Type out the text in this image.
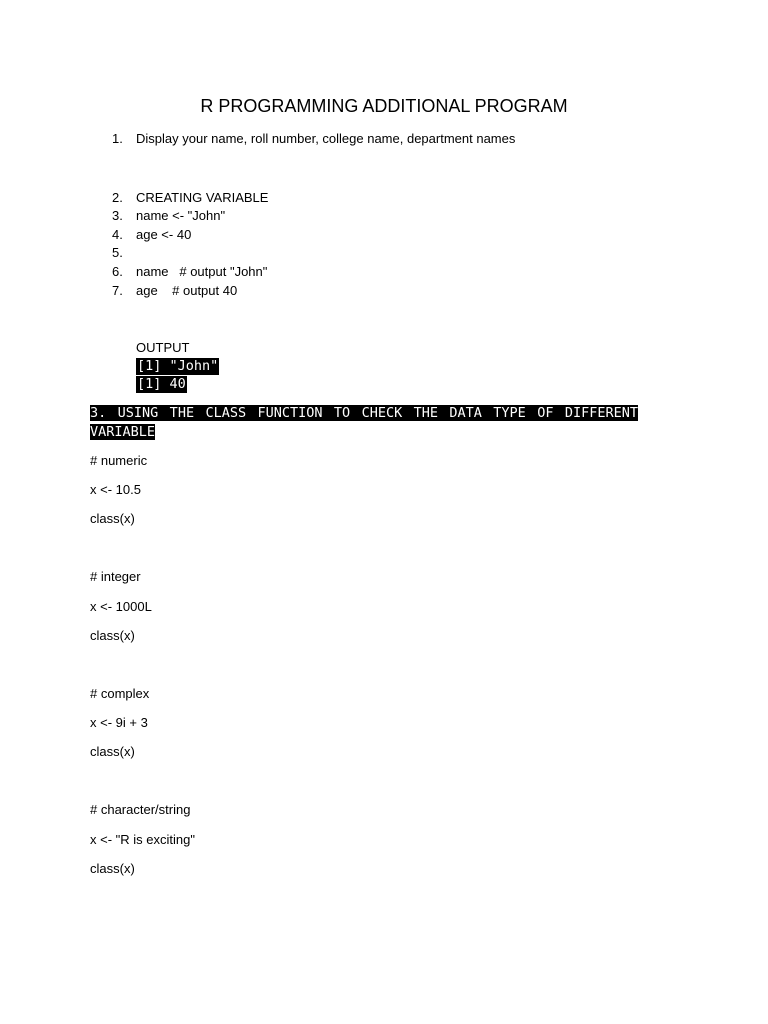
R PROGRAMMING ADDITIONAL PROGRAM
1.	Display your name, roll number, college name, department names
2.	CREATING VARIABLE
3.	name <- "John"
4.	age <- 40
5.
6.	name   # output "John"
7.	age    # output 40
OUTPUT
[1] "John"
[1] 40
3. USING THE CLASS FUNCTION TO CHECK THE DATA TYPE OF DIFFERENT
VARIABLE
# numeric
x <- 10.5
class(x)
# integer
x <- 1000L
class(x)
# complex
x <- 9i + 3
class(x)
# character/string
x <- "R is exciting"
class(x)
